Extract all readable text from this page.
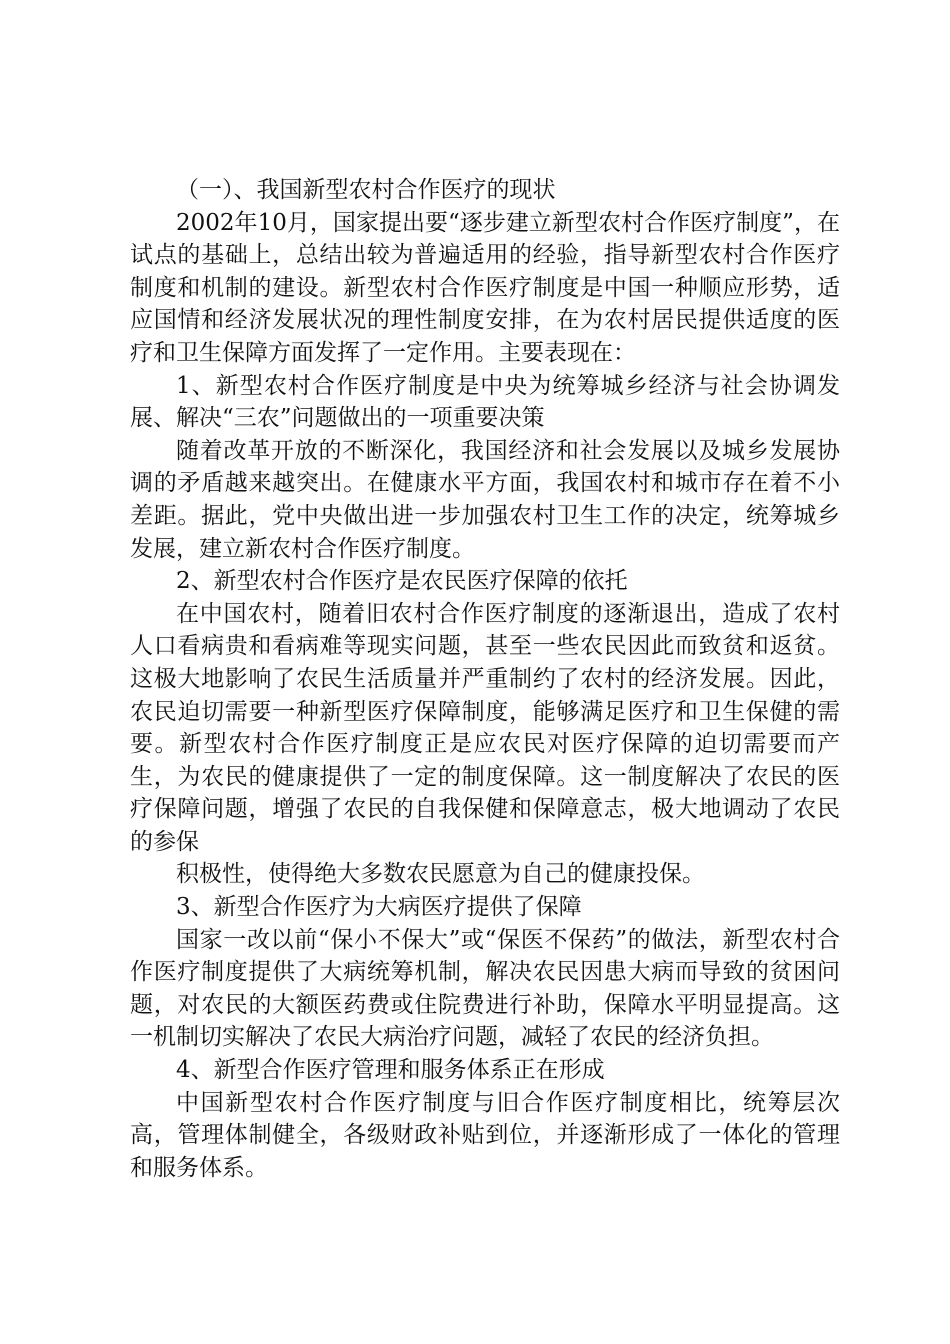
（一）、我国新型农村合作医疗的现状

2002年10月，国家提出要“逐步建立新型农村合作医疗制度”，在试点的基础上，总结出较为普遍适用的经验，指导新型农村合作医疗制度和机制的建设。新型农村合作医疗制度是中国一种顺应形势，适应国情和经济发展状况的理性制度安排，在为农村居民提供适度的医疗和卫生保障方面发挥了一定作用。主要表现在：

1、新型农村合作医疗制度是中央为统筹城乡经济与社会协调发展、解决“三农”问题做出的一项重要决策

随着改革开放的不断深化，我国经济和社会发展以及城乡发展协调的矛盾越来越突出。在健康水平方面，我国农村和城市存在着不小差距。据此，党中央做出进一步加强农村卫生工作的决定，统筹城乡发展，建立新农村合作医疗制度。

2、新型农村合作医疗是农民医疗保障的依托

在中国农村，随着旧农村合作医疗制度的逐渐退出，造成了农村人口看病贵和看病难等现实问题，甚至一些农民因此而致贫和返贫。这极大地影响了农民生活质量并严重制约了农村的经济发展。因此，农民迫切需要一种新型医疗保障制度，能够满足医疗和卫生保健的需要。新型农村合作医疗制度正是应农民对医疗保障的迫切需要而产生，为农民的健康提供了一定的制度保障。这一制度解决了农民的医疗保障问题，增强了农民的自我保健和保障意志，极大地调动了农民的参保

积极性，使得绝大多数农民愿意为自己的健康投保。

3、新型合作医疗为大病医疗提供了保障

国家一改以前“保小不保大”或“保医不保药”的做法，新型农村合作医疗制度提供了大病统筹机制，解决农民因患大病而导致的贫困问题，对农民的大额医药费或住院费进行补助，保障水平明显提高。这一机制切实解决了农民大病治疗问题，减轻了农民的经济负担。

4、新型合作医疗管理和服务体系正在形成

中国新型农村合作医疗制度与旧合作医疗制度相比，统筹层次高，管理体制健全，各级财政补贴到位，并逐渐形成了一体化的管理和服务体系。
